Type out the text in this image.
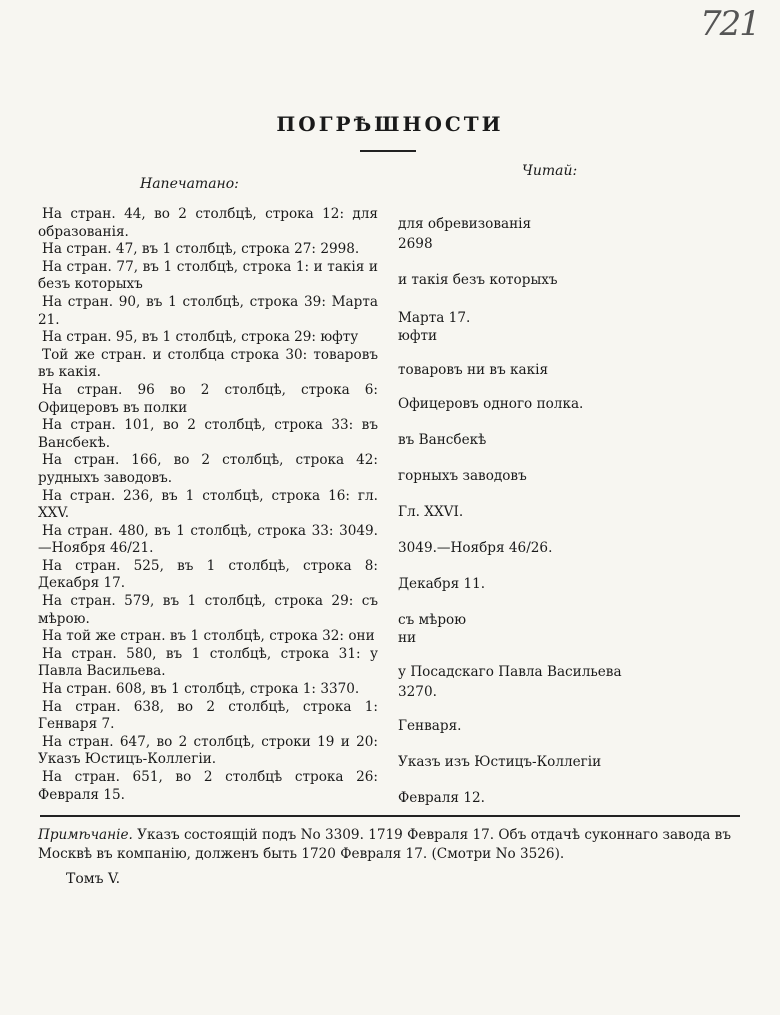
721
ПОГРѢШНОСТИ
Напечатано:
Читай:

На стран. 44, во 2 столбцѣ, строка 12: для образованія.

На стран. 47, въ 1 столбцѣ, строка 27: 2998.

На стран. 77, въ 1 столбцѣ, строка 1: и такія и безъ которыхъ

На стран. 90, въ 1 столбцѣ, строка 39: Марта 21.

На стран. 95, въ 1 столбцѣ, строка 29: юфту

Той же стран. и столбца строка 30: товаровъ въ какія.

На стран. 96 во 2 столбцѣ, строка 6: Офицеровъ въ полки

На стран. 101, во 2 столбцѣ, строка 33: въ Вансбекѣ.

На стран. 166, во 2 столбцѣ, строка 42: рудныхъ заводовъ.

На стран. 236, въ 1 столбцѣ, строка 16: гл. XXV.

На стран. 480, въ 1 столбцѣ, строка 33: 3049. —Ноября 46/21.

На стран. 525, въ 1 столбцѣ, строка 8: Декабря 17.

На стран. 579, въ 1 столбцѣ, строка 29: съ мѣрою.

На той же стран. въ 1 столбцѣ, строка 32: они

На стран. 580, въ 1 столбцѣ, строка 31: у Павла Васильева.

На стран. 608, въ 1 столбцѣ, строка 1: 3370.

На стран. 638, во 2 столбцѣ, строка 1: Генваря 7.

На стран. 647, во 2 столбцѣ, строки 19 и 20: Указъ Юстицъ-Коллегіи.

На стран. 651, во 2 столбцѣ строка 26: Февраля 15.

для обревизованія
2698
и такія безъ которыхъ
Марта 17.
юфти
товаровъ ни въ какія
Офицеровъ одного полка.
въ Вансбекѣ
горныхъ заводовъ
Гл. XXVI.
3049.—Ноября 46/26.
Декабря 11.
съ мѣрою
ни
у Посадскаго Павла Васильева
3270.
Генваря.
Указъ изъ Юстицъ-Коллегіи
Февраля 12.
Примѣчаніе. Указъ состоящій подъ No 3309. 1719 Февраля 17. Объ отдачѣ суконнаго завода въ Москвѣ въ компанію, долженъ быть 1720 Февраля 17. (Смотри No 3526).
Томъ V.
